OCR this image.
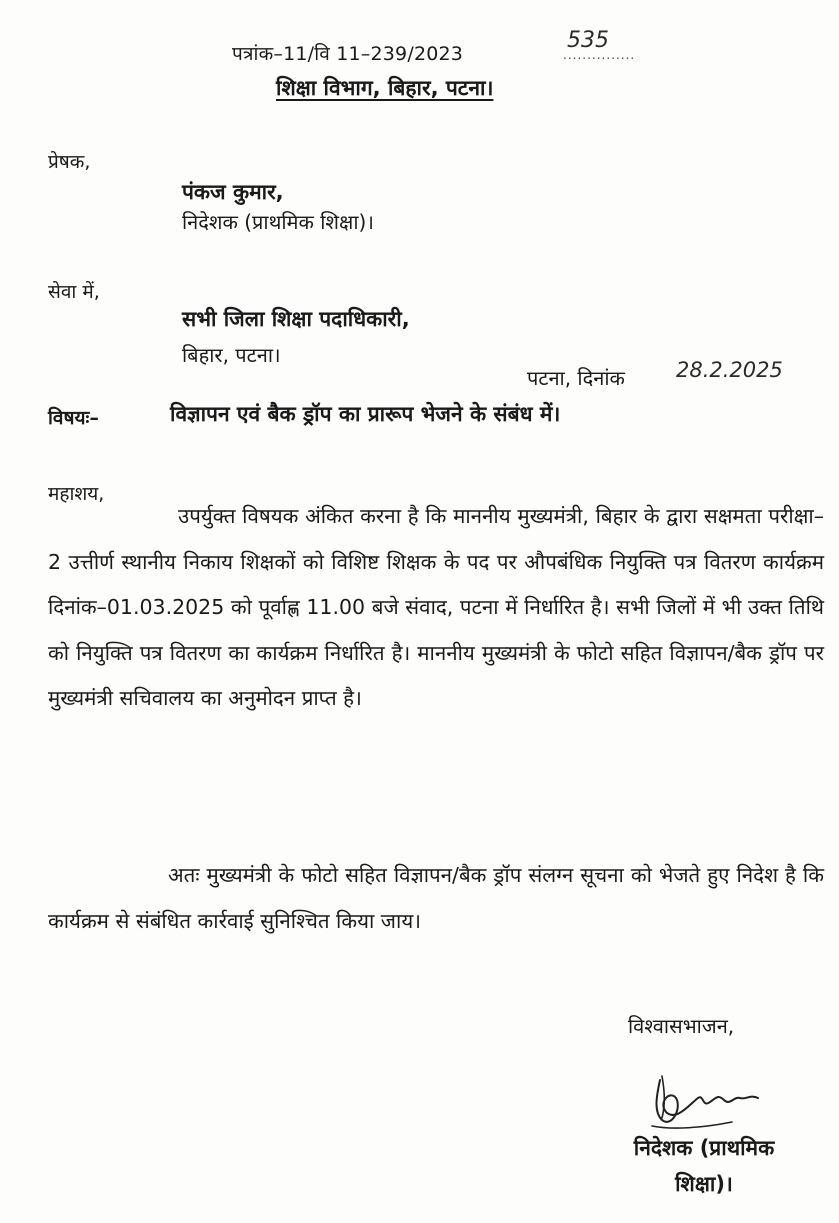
पत्रांक–11/वि 11–239/2023
535
...............
शिक्षा विभाग, बिहार, पटना।
प्रेषक,
पंकज कुमार,
निदेशक (प्राथमिक शिक्षा)।
सेवा में,
सभी जिला शिक्षा पदाधिकारी,
बिहार, पटना।
पटना, दिनांक 28.2.2025
विषयः–	विज्ञापन एवं बैक ड्रॉप का प्रारूप भेजने के संबंध में।
महाशय,

उपर्युक्त विषयक अंकित करना है कि माननीय मुख्यमंत्री, बिहार के द्वारा सक्षमता परीक्षा–2 उत्तीर्ण स्थानीय निकाय शिक्षकों को विशिष्ट शिक्षक के पद पर औपबंधिक नियुक्ति पत्र वितरण कार्यक्रम दिनांक–01.03.2025 को पूर्वाह्ण 11.00 बजे संवाद, पटना में निर्धारित है। सभी जिलों में भी उक्त तिथि को नियुक्ति पत्र वितरण का कार्यक्रम निर्धारित है। माननीय मुख्यमंत्री के फोटो सहित विज्ञापन/बैक ड्रॉप पर मुख्यमंत्री सचिवालय का अनुमोदन प्राप्त है।

अतः मुख्यमंत्री के फोटो सहित विज्ञापन/बैक ड्रॉप संलग्न सूचना को भेजते हुए निदेश है कि कार्यक्रम से संबंधित कार्रवाई सुनिश्चित किया जाय।

विश्वासभाजन,

निदेशक (प्राथमिक
शिक्षा)।
